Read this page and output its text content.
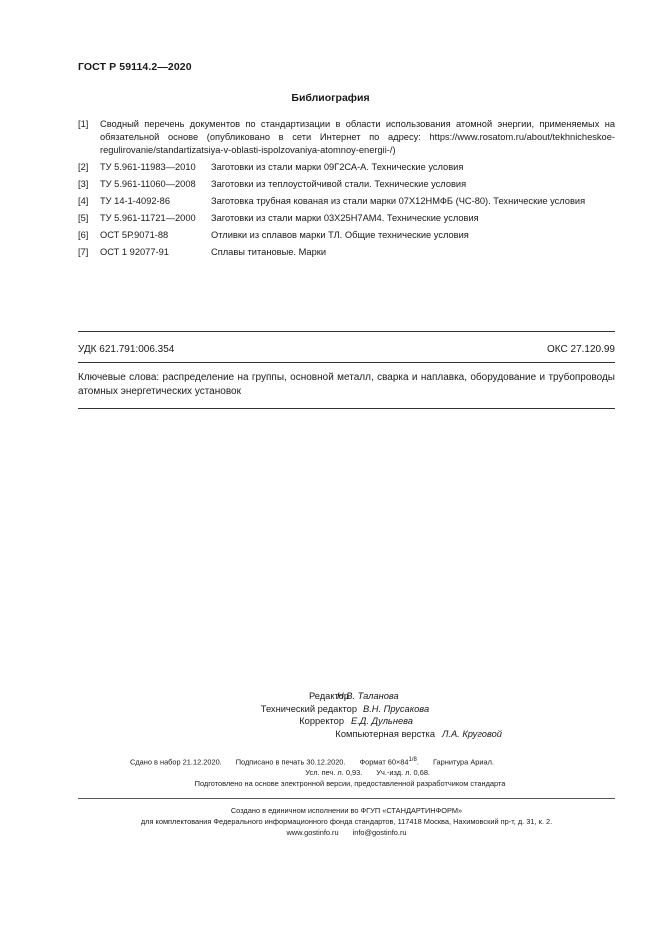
ГОСТ Р 59114.2—2020
Библиография
[1] Сводный перечень документов по стандартизации в области использования атомной энергии, применяемых на обязательной основе (опубликовано в сети Интернет по адресу: https://www.rosatom.ru/about/tekhnicheskoe-regulirovanie/standartizatsiya-v-oblasti-ispolzovaniya-atomnoy-energii-/)
[2] ТУ 5.961-11983—2010 Заготовки из стали марки 09Г2СА-А. Технические условия
[3] ТУ 5.961-11060—2008 Заготовки из теплоустойчивой стали. Технические условия
[4] ТУ 14-1-4092-86	Заготовка трубная кованая из стали марки 07Х12НМФБ (ЧС-80). Технические условия
[5] ТУ 5.961-11721—2000 Заготовки из стали марки 03Х25Н7АМ4. Технические условия
[6] ОСТ 5Р.9071-88	Отливки из сплавов марки ТЛ. Общие технические условия
[7] ОСТ 1 92077-91	Сплавы титановые. Марки
УДК 621.791:006.354	ОКС 27.120.99
Ключевые слова: распределение на группы, основной металл, сварка и наплавка, оборудование и трубопроводы атомных энергетических установок
Редактор
Н.В. Таланова
Технический редактор В.Н. Прусакова
Корректор Е.Д. Дульнева
Компьютерная верстка Л.А. Круговой
Сдано в набор 21.12.2020. Подписано в печать 30.12.2020. Формат $60\times 84^{1/8}$. Гарнитура Ариал.
Усл. печ. л. 0,93. Уч.-изд. л. 0,68.
Подготовлено на основе электронной версии, предоставленной разработчиком стандарта
Создано в единичном исполнении во ФГУП «СТАНДАРТИНФОРМ»
для комплектования Федерального информационного фонда стандартов, 117418 Москва, Нахимовский пр-т, д. 31, к. 2.
www.gostinfo.ru info@gostinfo.ru
